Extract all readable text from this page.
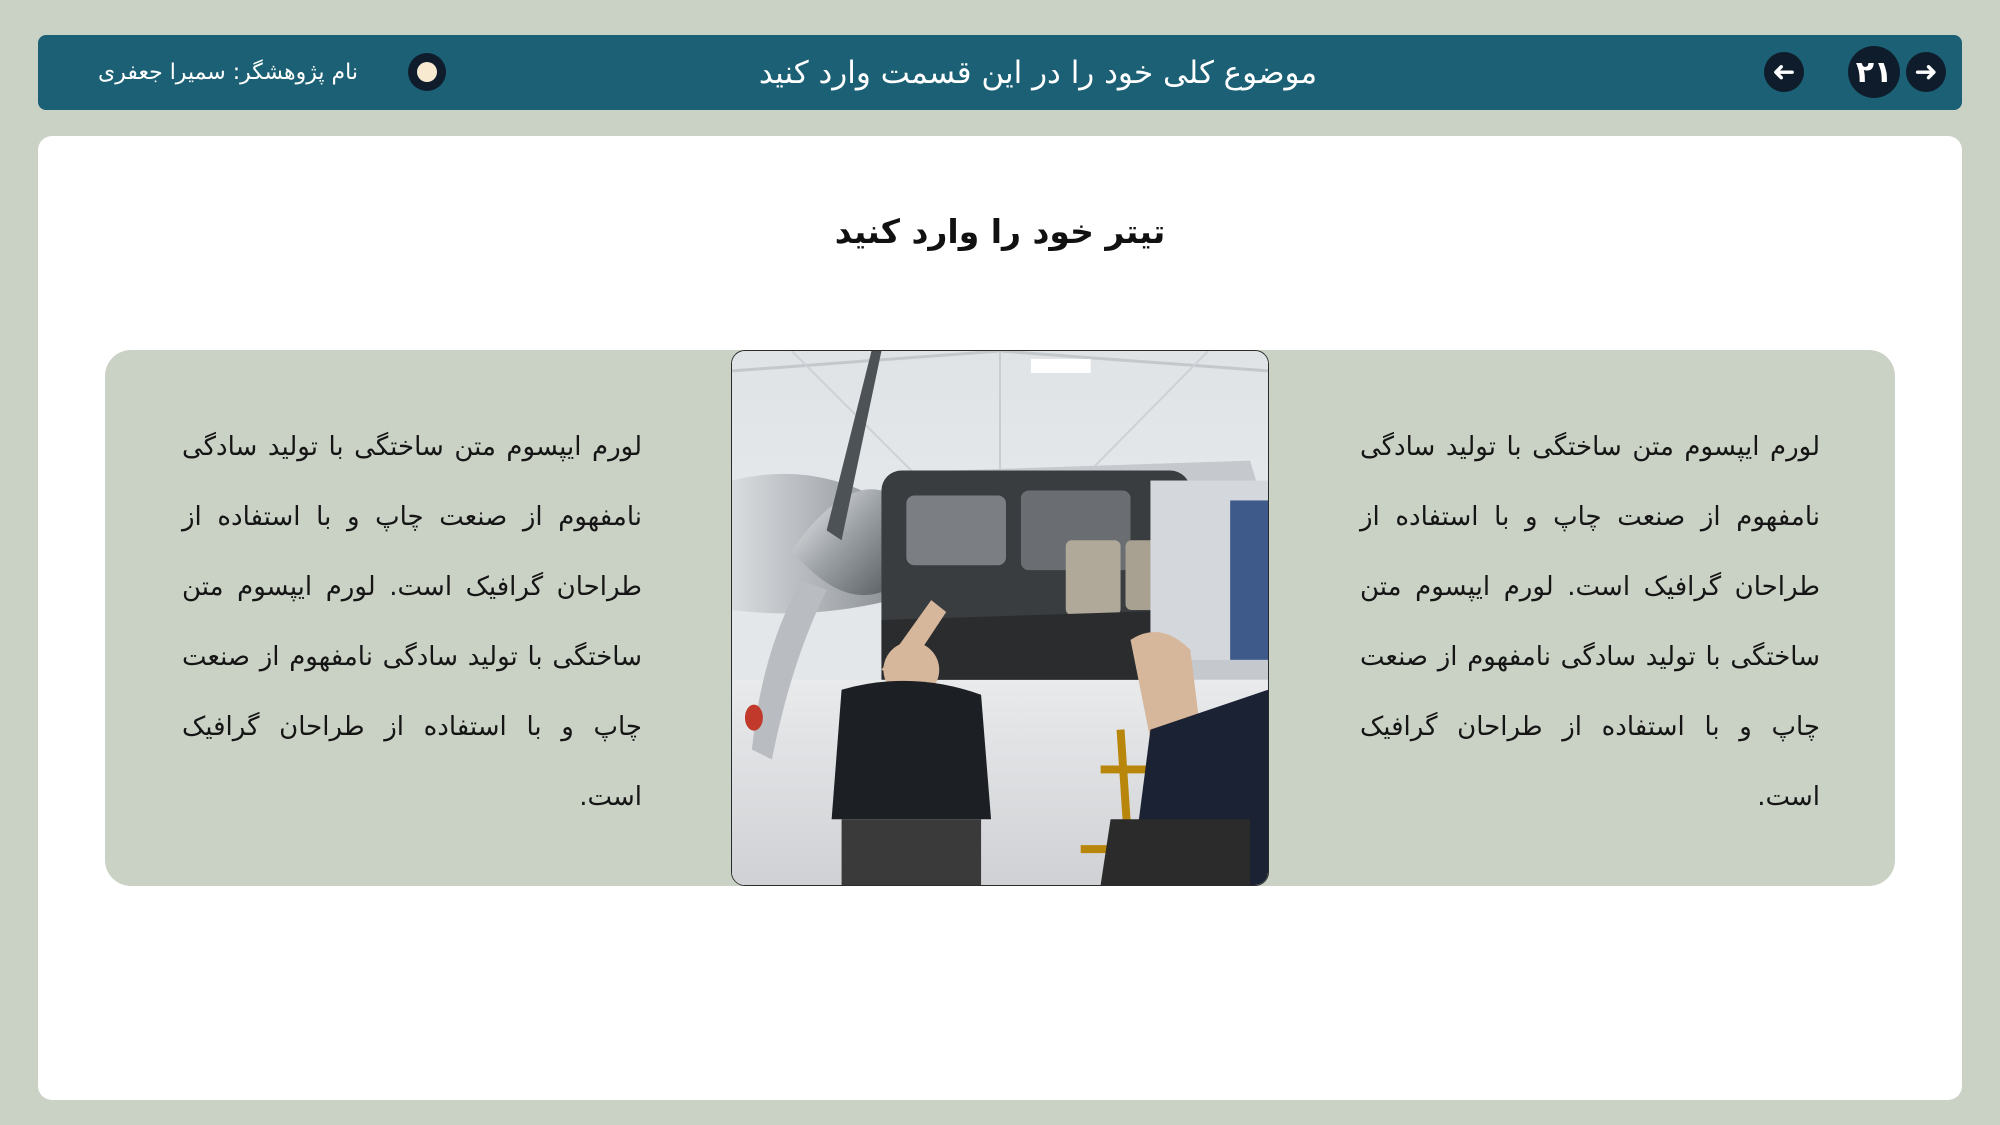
➜
۲۱
➜
موضوع کلی خود را در این قسمت وارد کنید
نام پژوهشگر: سمیرا جعفری
تیتر خود را وارد کنید
لورم ایپسوم متن ساختگی با تولید سادگی نامفهوم از صنعت چاپ و با استفاده از طراحان گرافیک است. لورم ایپسوم متن ساختگی با تولید سادگی نامفهوم از صنعت چاپ و با استفاده از طراحان گرافیک است.
لورم ایپسوم متن ساختگی با تولید سادگی نامفهوم از صنعت چاپ و با استفاده از طراحان گرافیک است. لورم ایپسوم متن ساختگی با تولید سادگی نامفهوم از صنعت چاپ و با استفاده از طراحان گرافیک است.
